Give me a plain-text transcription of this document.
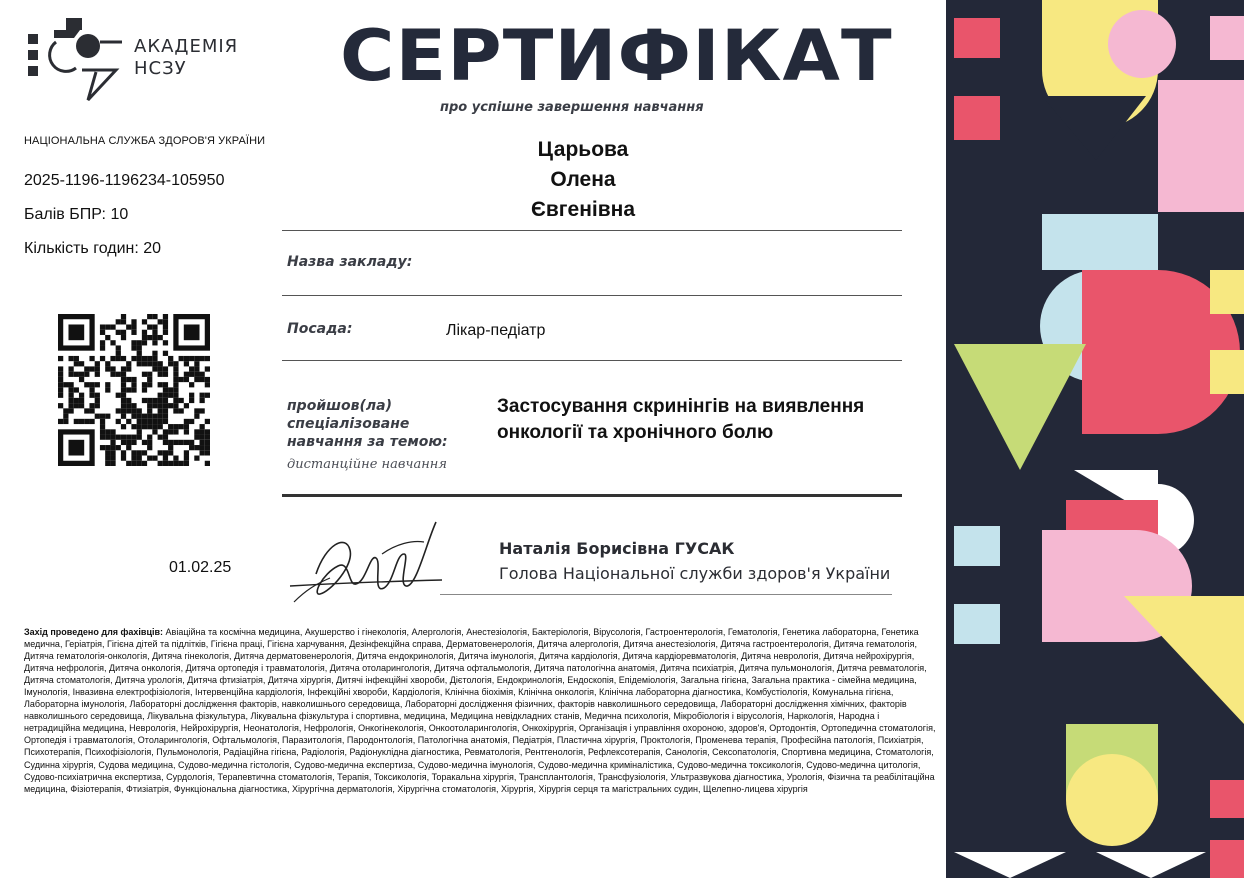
АКАДЕМІЯ
НСЗУ
НАЦІОНАЛЬНА СЛУЖБА ЗДОРОВ'Я УКРАЇНИ
2025-1196-1196234-105950
Балів БПР: 10
Кількість годин: 20
01.02.25
СЕРТИФІКАТ
про успішне завершення навчання
Царьова
Олена
Євгенівна
Назва закладу:
Посада:	Лікар-педіатр
пройшов(ла) спеціалізоване навчання за темою:
дистанційне навчання
Застосування скринінгів на виявлення онкології та хронічного болю
Наталія Борисівна ГУСАК
Голова Національної служби здоров'я України
Захід проведено для фахівців: Авіаційна та космічна медицина, Акушерство і гінекологія, Алергологія, Анестезіологія, Бактеріологія, Вірусологія, Гастроентерологія, Гематологія, Генетика лабораторна, Генетика медична, Геріатрія, Гігієна дітей та підлітків, Гігієна праці, Гігієна харчування, Дезінфекційна справа, Дерматовенерологія, Дитяча алергологія, Дитяча анестезіологія, Дитяча гастроентерологія, Дитяча гематологія, Дитяча гематологія-онкологія, Дитяча гінекологія, Дитяча дерматовенерологія, Дитяча ендокринологія, Дитяча імунологія, Дитяча кардіологія, Дитяча кардіоревматологія, Дитяча неврологія, Дитяча нейрохірургія, Дитяча нефрологія, Дитяча онкологія, Дитяча ортопедія і травматологія, Дитяча отоларингологія, Дитяча офтальмологія, Дитяча патологічна анатомія, Дитяча психіатрія, Дитяча пульмонологія, Дитяча ревматологія, Дитяча стоматологія, Дитяча урологія, Дитяча фтизіатрія, Дитяча хірургія, Дитячі інфекційні хвороби, Дієтологія, Ендокринологія, Ендоскопія, Епідеміологія, Загальна гігієна, Загальна практика - сімейна медицина, Імунологія, Інвазивна електрофізіологія, Інтервенційна кардіологія, Інфекційні хвороби, Кардіологія, Клінічна біохімія, Клінічна онкологія, Клінічна лабораторна діагностика, Комбустіологія, Комунальна гігієна, Лабораторна імунологія, Лабораторні дослідження факторів, навколишнього середовища, Лабораторні дослідження фізичних, факторів навколишнього середовища, Лабораторні дослідження хімічних, факторів навколишнього середовища, Лікувальна фізкультура, Лікувальна фізкультура і спортивна, медицина, Медицина невідкладних станів, Медична психологія, Мікробіологія і вірусологія, Наркологія, Народна і нетрадиційна медицина, Неврологія, Нейрохірургія, Неонатологія, Нефрологія, Онкогінекологія, Онкоотоларингологія, Онкохірургія, Організація і управління охороною, здоров'я, Ортодонтія, Ортопедична стоматологія, Ортопедія і травматологія, Отоларингологія, Офтальмологія, Паразитологія, Пародонтологія, Патологічна анатомія, Педіатрія, Пластична хірургія, Проктологія, Променева терапія, Професійна патологія, Психіатрія, Психотерапія, Психофізіологія, Пульмонологія, Радіаційна гігієна, Радіологія, Радіонуклідна діагностика, Ревматологія, Рентгенологія, Рефлексотерапія, Санологія, Сексопатологія, Спортивна медицина, Стоматологія, Судинна хірургія, Судова медицина, Судово-медична гістологія, Судово-медична експертиза, Судово-медична імунологія, Судово-медична криміналістика, Судово-медична токсикологія, Судово-медична цитологія, Судово-психіатрична експертиза, Сурдологія, Терапевтична стоматологія, Терапія, Токсикологія, Торакальна хірургія, Трансплантологія, Трансфузіологія, Ультразвукова діагностика, Урологія, Фізична та реабілітаційна медицина, Фізіотерапія, Фтизіатрія, Функціональна діагностика, Хірургічна дерматологія, Хірургічна стоматологія, Хірургія, Хірургія серця та магістральних судин, Щелепно-лицева хірургія
